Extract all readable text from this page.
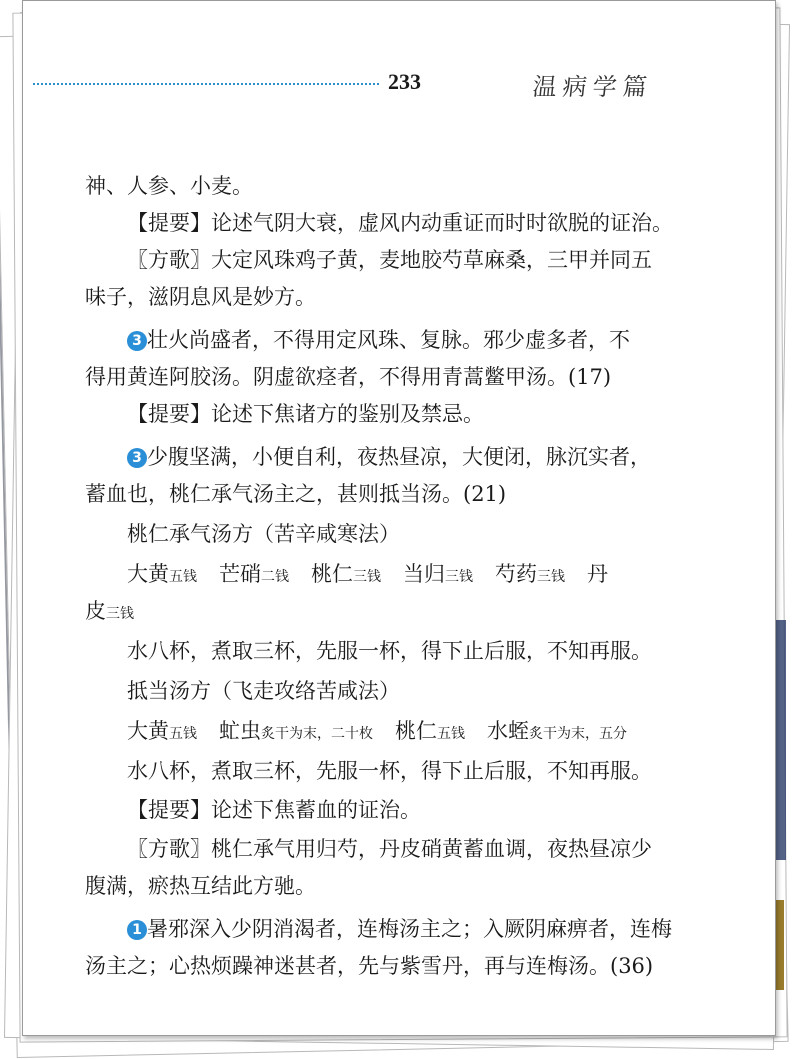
233	温病学篇
神、人参、小麦。
【提要】论述气阴大衰，虚风内动重证而时时欲脱的证治。
〖方歌〗大定风珠鸡子黄，麦地胶芍草麻桑，三甲并同五
味子，滋阴息风是妙方。
3 壮火尚盛者，不得用定风珠、复脉。邪少虚多者，不
得用黄连阿胶汤。阴虚欲痉者，不得用青蒿鳖甲汤。(17)
【提要】论述下焦诸方的鉴别及禁忌。
3 少腹坚满，小便自利，夜热昼凉，大便闭，脉沉实者，
蓄血也，桃仁承气汤主之，甚则抵当汤。(21)
桃仁承气汤方（苦辛咸寒法）
大黄五钱 芒硝二钱 桃仁三钱 当归三钱 芍药三钱 丹
皮三钱
水八杯，煮取三杯，先服一杯，得下止后服，不知再服。
抵当汤方（飞走攻络苦咸法）
大黄五钱 虻虫炙干为末，二十枚 桃仁五钱 水蛭炙干为末，五分
水八杯，煮取三杯，先服一杯，得下止后服，不知再服。
【提要】论述下焦蓄血的证治。
〖方歌〗桃仁承气用归芍，丹皮硝黄蓄血调，夜热昼凉少
腹满，瘀热互结此方驰。
1 暑邪深入少阴消渴者，连梅汤主之；入厥阴麻痹者，连梅
汤主之；心热烦躁神迷甚者，先与紫雪丹，再与连梅汤。(36)
